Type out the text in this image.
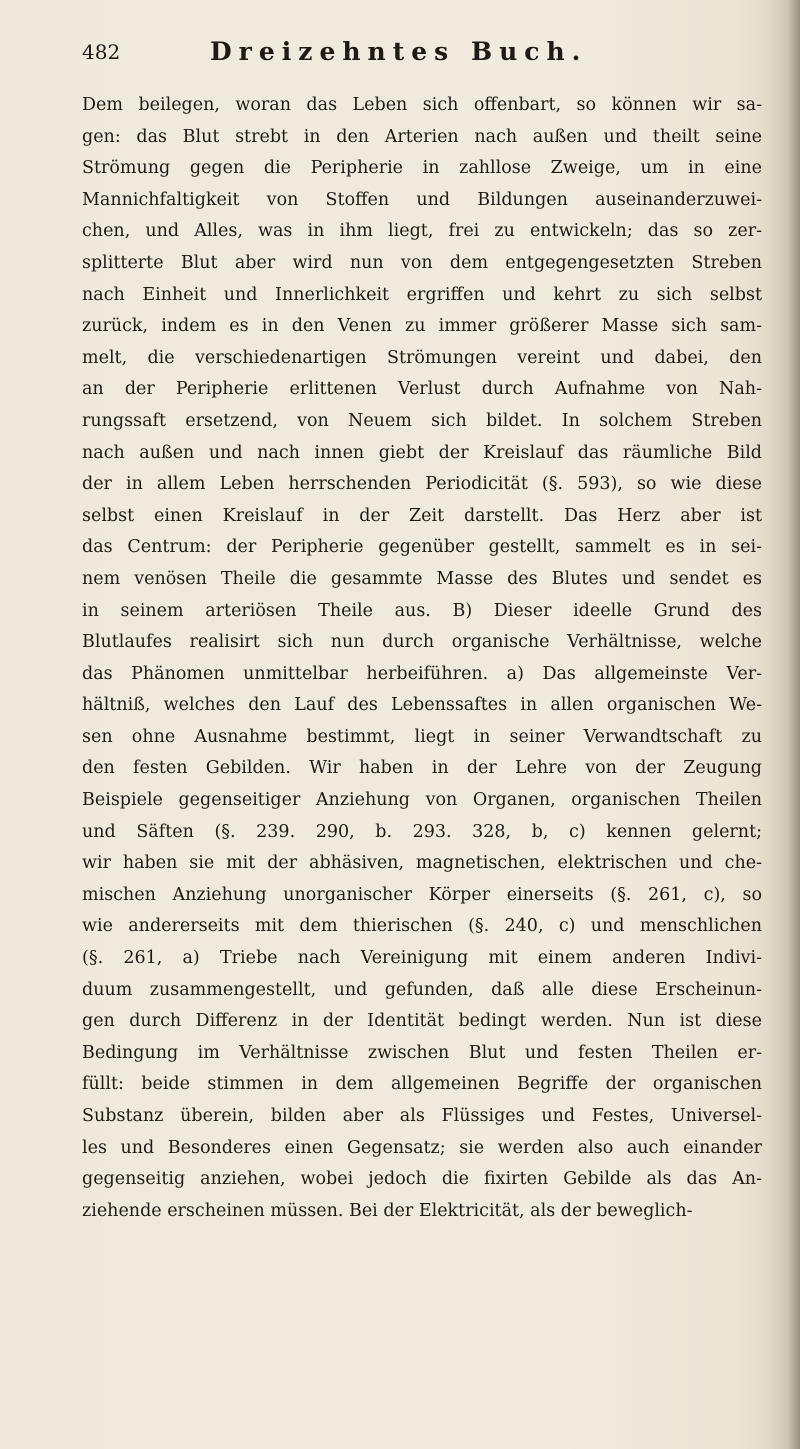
482	Dreizehntes Buch.
Dem beilegen, woran das Leben sich offenbart, so können wir sa-
gen: das Blut strebt in den Arterien nach außen und theilt seine
Strömung gegen die Peripherie in zahllose Zweige, um in eine
Mannichfaltigkeit von Stoffen und Bildungen auseinanderzuwei-
chen, und Alles, was in ihm liegt, frei zu entwickeln; das so zer-
splitterte Blut aber wird nun von dem entgegengesetzten Streben
nach Einheit und Innerlichkeit ergriffen und kehrt zu sich selbst
zurück, indem es in den Venen zu immer größerer Masse sich sam-
melt, die verschiedenartigen Strömungen vereint und dabei, den
an der Peripherie erlittenen Verlust durch Aufnahme von Nah-
rungssaft ersetzend, von Neuem sich bildet. In solchem Streben
nach außen und nach innen giebt der Kreislauf das räumliche Bild
der in allem Leben herrschenden Periodicität (§. 593), so wie diese
selbst einen Kreislauf in der Zeit darstellt. Das Herz aber ist
das Centrum: der Peripherie gegenüber gestellt, sammelt es in sei-
nem venösen Theile die gesammte Masse des Blutes und sendet es
in seinem arteriösen Theile aus. B) Dieser ideelle Grund des
Blutlaufes realisirt sich nun durch organische Verhältnisse, welche
das Phänomen unmittelbar herbeiführen. a) Das allgemeinste Ver-
hältniß, welches den Lauf des Lebenssaftes in allen organischen We-
sen ohne Ausnahme bestimmt, liegt in seiner Verwandtschaft zu
den festen Gebilden. Wir haben in der Lehre von der Zeugung
Beispiele gegenseitiger Anziehung von Organen, organischen Theilen
und Säften (§. 239. 290, b. 293. 328, b, c) kennen gelernt;
wir haben sie mit der abhäsiven, magnetischen, elektrischen und che-
mischen Anziehung unorganischer Körper einerseits (§. 261, c), so
wie andererseits mit dem thierischen (§. 240, c) und menschlichen
(§. 261, a) Triebe nach Vereinigung mit einem anderen Indivi-
duum zusammengestellt, und gefunden, daß alle diese Erscheinun-
gen durch Differenz in der Identität bedingt werden. Nun ist diese
Bedingung im Verhältnisse zwischen Blut und festen Theilen er-
füllt: beide stimmen in dem allgemeinen Begriffe der organischen
Substanz überein, bilden aber als Flüssiges und Festes, Universel-
les und Besonderes einen Gegensatz; sie werden also auch einander
gegenseitig anziehen, wobei jedoch die fixirten Gebilde als das An-
ziehende erscheinen müssen. Bei der Elektricität, als der beweglich-
